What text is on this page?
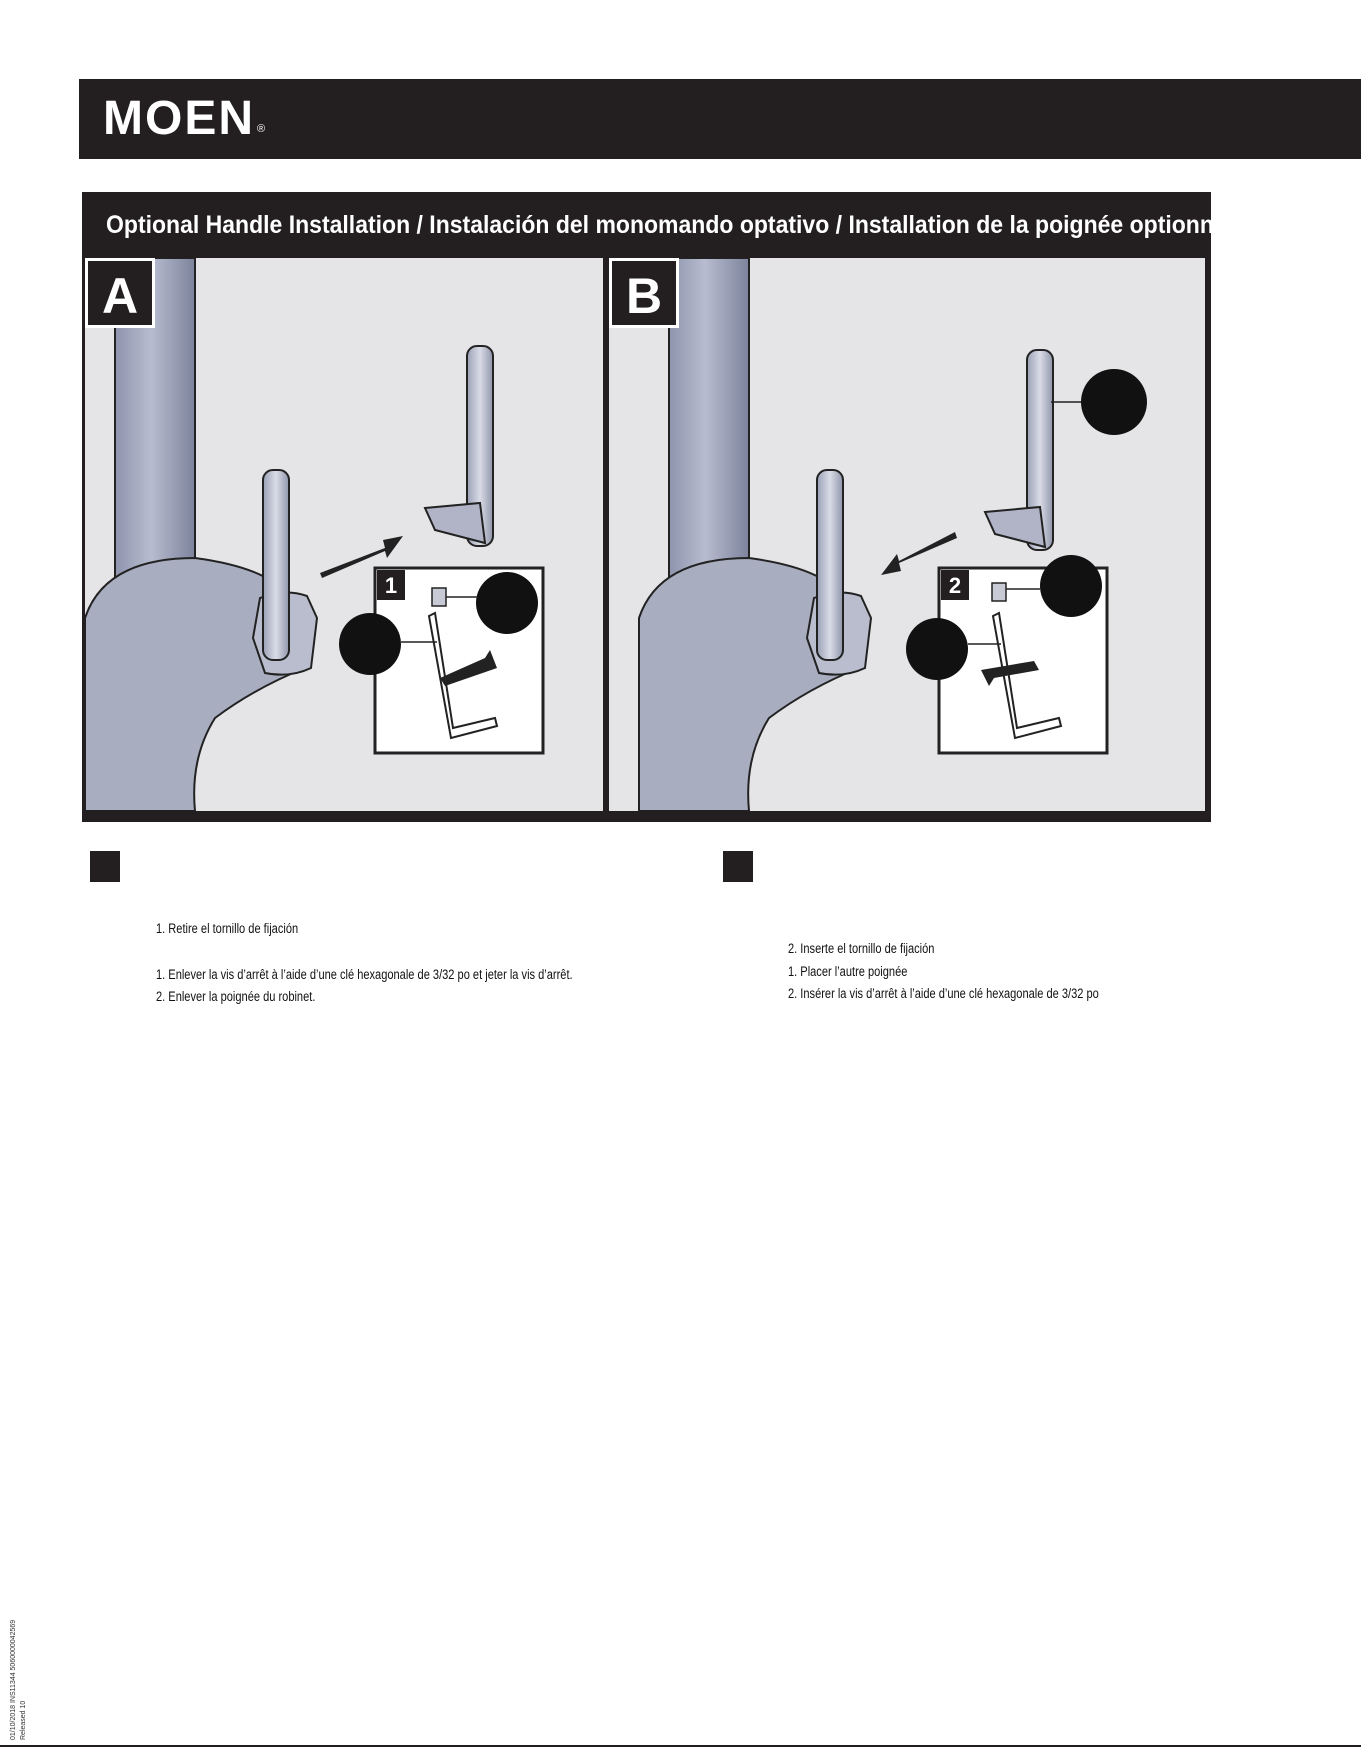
MOEN ®
Optional Handle Installation / Instalación del monomando optativo / Installation de la poignée optionnelle
1
A
2
B
1. Retire el tornillo de fijación
1. Enlever la vis d’arrêt à l’aide d’une clé hexagonale de 3/32 po et jeter la vis d’arrêt.
2. Enlever la poignée du robinet.
2. Inserte el tornillo de fijación
1. Placer l’autre poignée
2. Insérer la vis d’arrêt à l’aide d’une clé hexagonale de 3/32 po
01/10/2018 INS11344 5060000042569 Released 10
